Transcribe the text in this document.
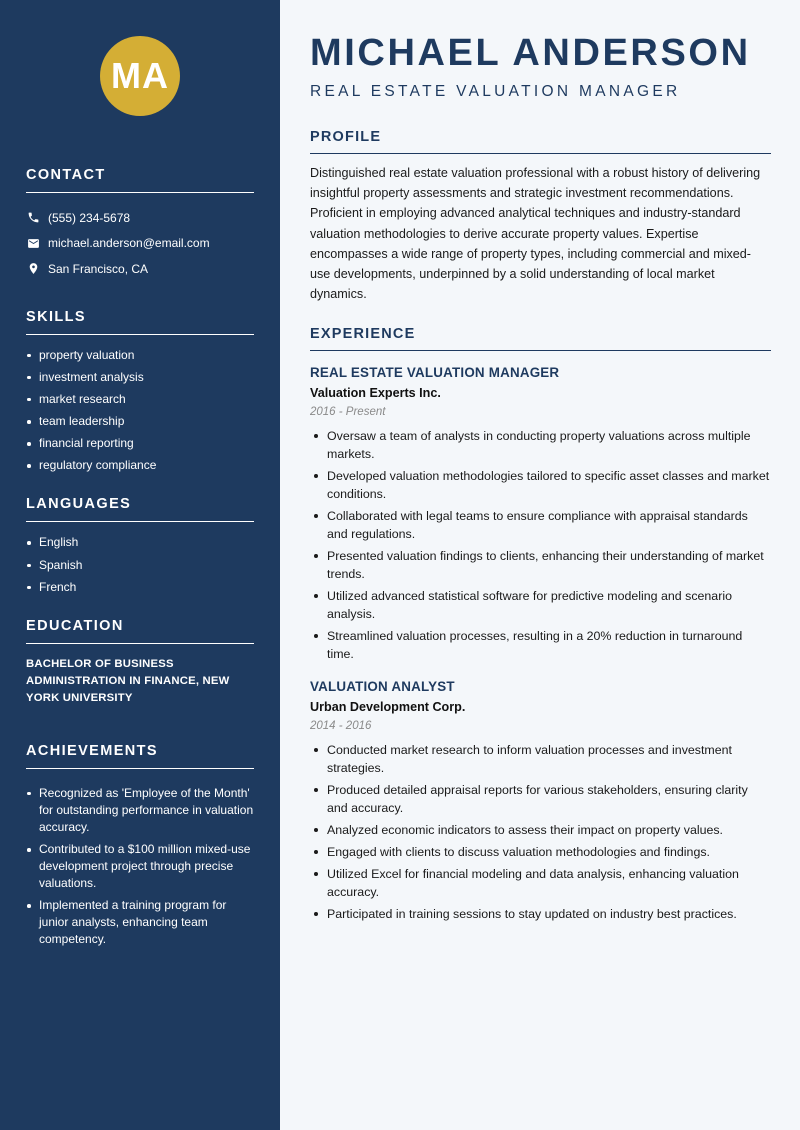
MA
CONTACT
(555) 234-5678
michael.anderson@email.com
San Francisco, CA
SKILLS
property valuation
investment analysis
market research
team leadership
financial reporting
regulatory compliance
LANGUAGES
English
Spanish
French
EDUCATION
BACHELOR OF BUSINESS ADMINISTRATION IN FINANCE, NEW YORK UNIVERSITY
ACHIEVEMENTS
Recognized as 'Employee of the Month' for outstanding performance in valuation accuracy.
Contributed to a $100 million mixed-use development project through precise valuations.
Implemented a training program for junior analysts, enhancing team competency.
MICHAEL ANDERSON
REAL ESTATE VALUATION MANAGER
PROFILE

Distinguished real estate valuation professional with a robust history of delivering insightful property assessments and strategic investment recommendations. Proficient in employing advanced analytical techniques and industry-standard valuation methodologies to derive accurate property values. Expertise encompasses a wide range of property types, including commercial and mixed-use developments, underpinned by a solid understanding of local market dynamics.

EXPERIENCE
REAL ESTATE VALUATION MANAGER
Valuation Experts Inc.
2016 - Present
Oversaw a team of analysts in conducting property valuations across multiple markets.
Developed valuation methodologies tailored to specific asset classes and market conditions.
Collaborated with legal teams to ensure compliance with appraisal standards and regulations.
Presented valuation findings to clients, enhancing their understanding of market trends.
Utilized advanced statistical software for predictive modeling and scenario analysis.
Streamlined valuation processes, resulting in a 20% reduction in turnaround time.
VALUATION ANALYST
Urban Development Corp.
2014 - 2016
Conducted market research to inform valuation processes and investment strategies.
Produced detailed appraisal reports for various stakeholders, ensuring clarity and accuracy.
Analyzed economic indicators to assess their impact on property values.
Engaged with clients to discuss valuation methodologies and findings.
Utilized Excel for financial modeling and data analysis, enhancing valuation accuracy.
Participated in training sessions to stay updated on industry best practices.
